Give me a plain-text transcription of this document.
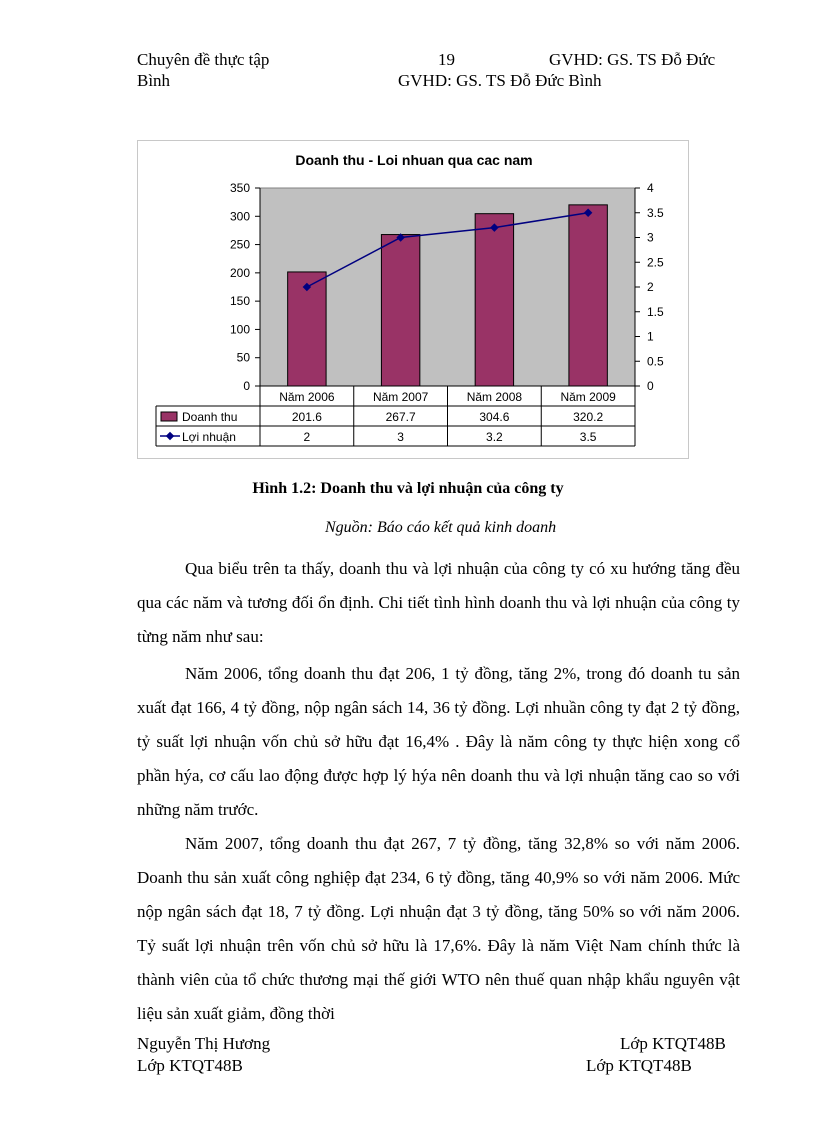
Chuyên đề thực tập	19	GVHD: GS. TS Đỗ Đức
Bình	GVHD: GS. TS Đỗ Đức Bình
Doanh thu - Loi nhuan qua cac nam
0
50
100
150
200
250
300
350
0
0.5
1
1.5
2
2.5
3
3.5
4
Năm 2006	Năm 2007	Năm 2008	Năm 2009
Doanh thu	201.6	267.7	304.6	320.2
Lợi nhuận	2	3	3.2	3.5
Hình 1.2: Doanh thu và lợi nhuận của công ty
Nguồn: Báo cáo kết quả kinh doanh

Qua biểu trên ta thấy, doanh thu và lợi nhuận của công ty có xu hướng tăng đều qua các năm và tương đối ổn định. Chi tiết tình hình doanh thu và lợi nhuận của công ty từng năm như sau:

Năm 2006, tổng doanh thu đạt 206, 1 tỷ đồng, tăng 2%, trong đó doanh tu sản xuất đạt 166, 4 tỷ đồng, nộp ngân sách 14, 36 tỷ đồng. Lợi nhuần công ty đạt 2 tỷ đồng, tỷ suất lợi nhuận vốn chủ sở hữu đạt 16,4% . Đây là năm công ty thực hiện xong cổ phần hýa, cơ cấu lao động được hợp lý hýa nên doanh thu và lợi nhuận tăng cao so với những năm trước.

Năm 2007, tổng doanh thu đạt 267, 7 tỷ đồng, tăng 32,8% so với năm 2006. Doanh thu sản xuất công nghiệp đạt 234, 6 tỷ đồng, tăng 40,9% so với năm 2006. Mức nộp ngân sách đạt 18, 7 tỷ đồng. Lợi nhuận đạt 3 tỷ đồng, tăng 50% so với năm 2006. Tỷ suất lợi nhuận trên vốn chủ sở hữu là 17,6%. Đây là năm Việt Nam chính thức là thành viên của tổ chức thương mại thế giới WTO nên thuế quan nhập khẩu nguyên vật liệu sản xuất giảm, đồng thời

Nguyễn Thị Hương	Lớp KTQT48B
Lớp KTQT48B	Lớp KTQT48B
